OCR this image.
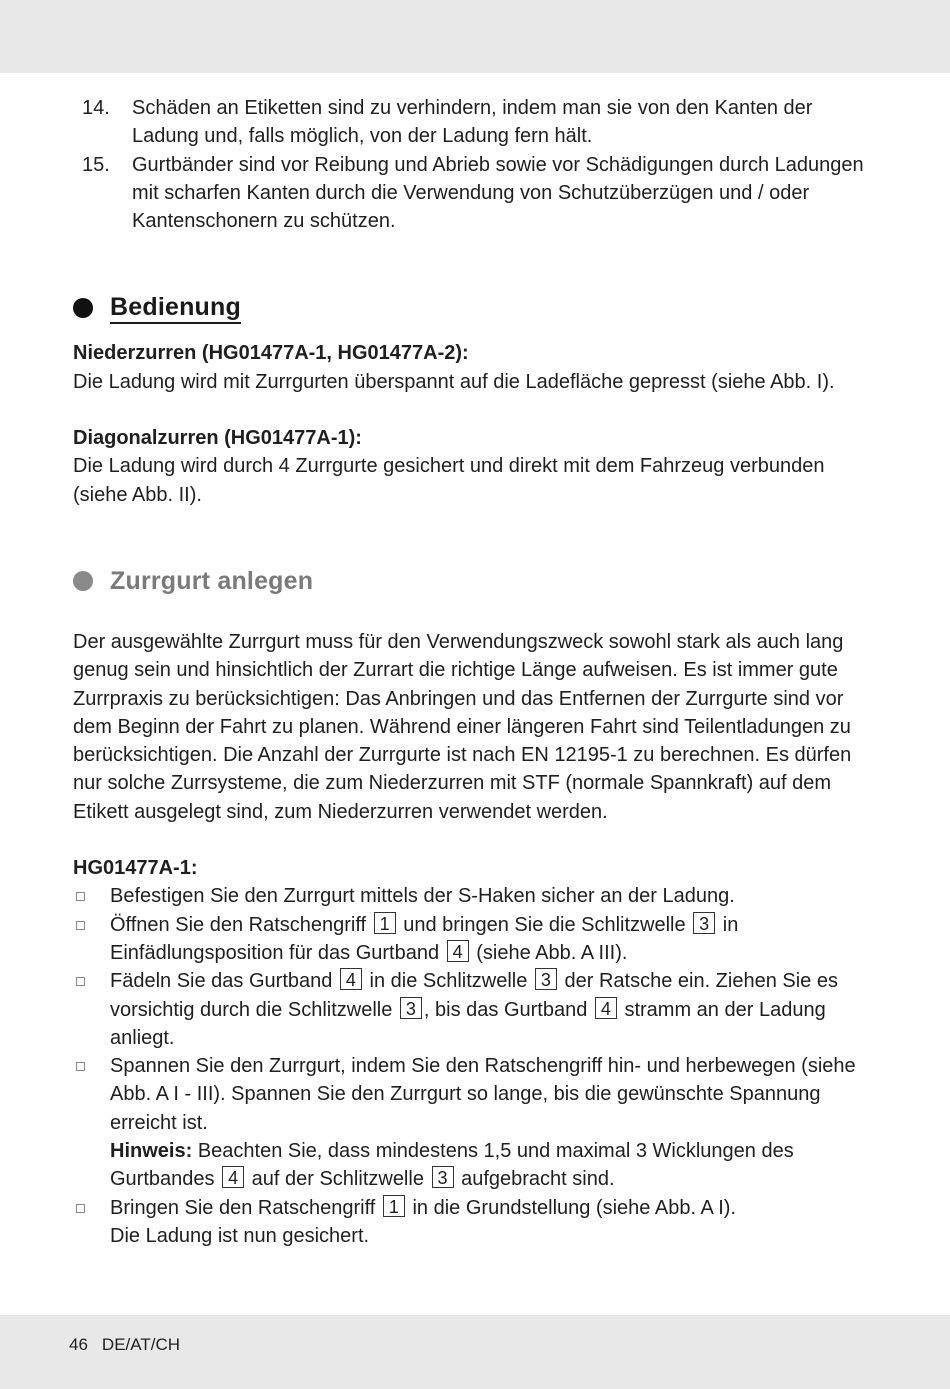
14.	Schäden an Etiketten sind zu verhindern, indem man sie von den Kanten der Ladung und, falls möglich, von der Ladung fern hält.
15.	Gurtbänder sind vor Reibung und Abrieb sowie vor Schädigungen durch Ladungen mit scharfen Kanten durch die Verwendung von Schutzüberzügen und / oder Kantenschonern zu schützen.
Bedienung
Niederzurren (HG01477A-1, HG01477A-2):

Die Ladung wird mit Zurrgurten überspannt auf die Ladefläche gepresst (siehe Abb. I).

Diagonalzurren (HG01477A-1):

Die Ladung wird durch 4 Zurrgurte gesichert und direkt mit dem Fahrzeug verbunden (siehe Abb. II).

Zurrgurt anlegen

Der ausgewählte Zurrgurt muss für den Verwendungszweck sowohl stark als auch lang genug sein und hinsichtlich der Zurrart die richtige Länge aufweisen. Es ist immer gute Zurrpraxis zu berücksichtigen: Das Anbringen und das Entfernen der Zurrgurte sind vor dem Beginn der Fahrt zu planen. Während einer längeren Fahrt sind Teilentladungen zu berücksichtigen. Die Anzahl der Zurrgurte ist nach EN 12195-1 zu berechnen. Es dürfen nur solche Zurrsysteme, die zum Niederzurren mit STF (normale Spannkraft) auf dem Etikett ausgelegt sind, zum Niederzurren verwendet werden.

HG01477A-1:
Befestigen Sie den Zurrgurt mittels der S-Haken sicher an der Ladung.
Öffnen Sie den Ratschengriff 1 und bringen Sie die Schlitzwelle 3 in Einfädlungsposition für das Gurtband 4 (siehe Abb. A III).
Fädeln Sie das Gurtband 4 in die Schlitzwelle 3 der Ratsche ein. Ziehen Sie es vorsichtig durch die Schlitzwelle 3 , bis das Gurtband 4 stramm an der Ladung anliegt.
Spannen Sie den Zurrgurt, indem Sie den Ratschengriff hin- und herbewegen (siehe Abb. A I - III). Spannen Sie den Zurrgurt so lange, bis die gewünschte Spannung erreicht ist.
Hinweis: Beachten Sie, dass mindestens 1,5 und maximal 3 Wicklungen des Gurtbandes 4 auf der Schlitzwelle 3 aufgebracht sind.
Bringen Sie den Ratschengriff 1 in die Grundstellung (siehe Abb. A I).
Die Ladung ist nun gesichert.
46 DE/AT/CH
